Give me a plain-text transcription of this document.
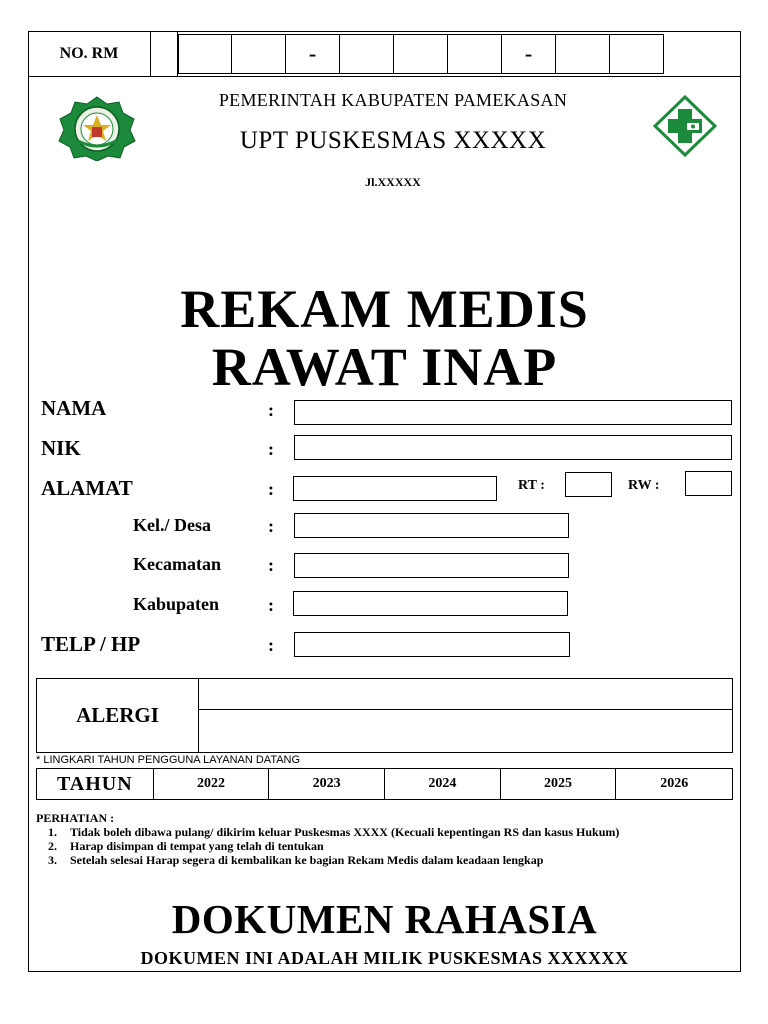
NO. RM	-	-
PEMERINTAH KABUPATEN PAMEKASAN
UPT PUSKESMAS XXXXX
Jl.XXXXX
REKAM MEDIS
RAWAT INAP
NAMA	:
NIK	:
ALAMAT	:	RT :	RW :
Kel./ Desa	:
Kecamatan	:
Kabupaten	:
TELP / HP	:
ALERGI
* LINGKARI TAHUN PENGGUNA LAYANAN DATANG
TAHUN	2022	2023	2024	2025	2026
PERHATIAN :
1. Tidak boleh dibawa pulang/ dikirim keluar Puskesmas XXXX (Kecuali kepentingan RS dan kasus Hukum)
2. Harap disimpan di tempat yang telah di tentukan
3. Setelah selesai Harap segera di kembalikan ke bagian Rekam Medis dalam keadaan lengkap
DOKUMEN RAHASIA
DOKUMEN INI ADALAH MILIK PUSKESMAS XXXXXX
